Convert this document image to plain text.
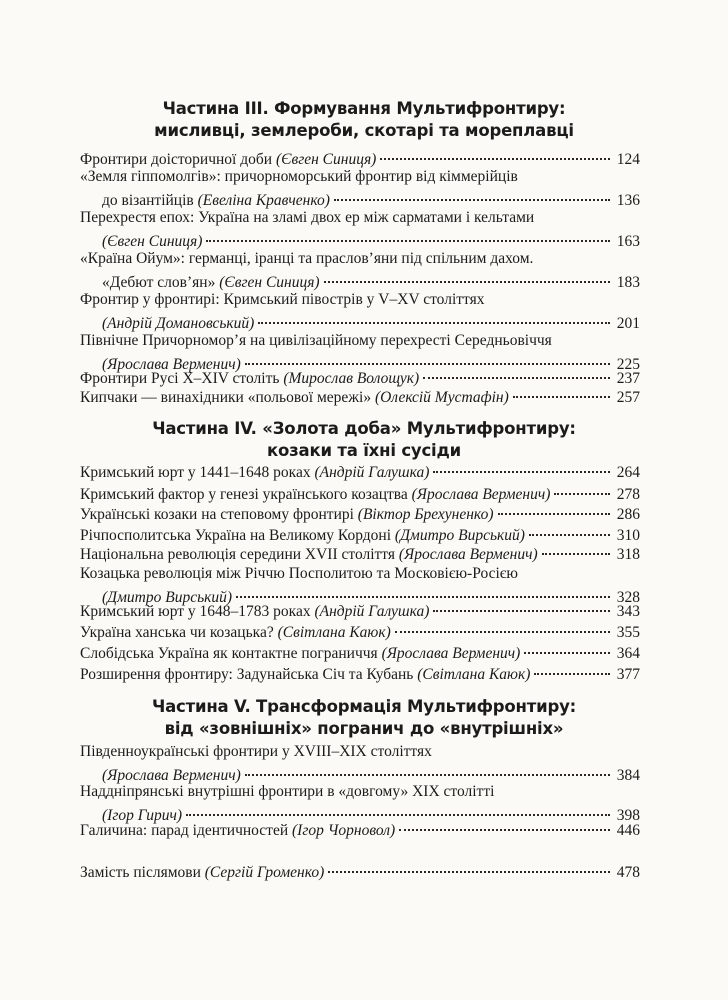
Частина III. Формування Мультифронтиру:
мисливці, землероби, скотарі та мореплавці
Фронтири доісторичної доби (Євген Синиця)	124
«Земля гіппомолгів»: причорноморський фронтир від кіммерійців
до візантійців (Евеліна Кравченко)	136
Перехрестя епох: Україна на зламі двох ер між сарматами і кельтами
(Євген Синиця)	163
«Країна Ойум»: германці, іранці та праслов’яни під спільним дахом.
«Дебют слов’ян» (Євген Синиця)	183
Фронтир у фронтирі: Кримський півострів у V–XV століттях
(Андрій Домановський)	201
Північне Причорномор’я на цивілізаційному перехресті Середньовіччя
(Ярослава Верменич)	225
Фронтири Русі X–XIV століть (Мирослав Волощук)	237
Кипчаки — винахідники «польової мережі» (Олексій Мустафін)	257
Частина IV. «Золота доба» Мультифронтиру:
козаки та їхні сусіди
Кримський юрт у 1441–1648 роках (Андрій Галушка)	264
Кримський фактор у генезі українського козацтва (Ярослава Верменич)	278
Українські козаки на степовому фронтирі (Віктор Брехуненко)	286
Річпосполитська Україна на Великому Кордоні (Дмитро Вирський)	310
Національна революція середини XVII століття (Ярослава Верменич)	318
Козацька революція між Річчю Посполитою та Московією-Росією
(Дмитро Вирський)	328
Кримський юрт у 1648–1783 роках (Андрій Галушка)	343
Україна ханська чи козацька? (Світлана Каюк)	355
Слобідська Україна як контактне пограниччя (Ярослава Верменич)	364
Розширення фронтиру: Задунайська Січ та Кубань (Світлана Каюк)	377
Частина V. Трансформація Мультифронтиру:
від «зовнішніх» погранич до «внутрішніх»
Південноукраїнські фронтири у XVIII–XIX століттях
(Ярослава Верменич)	384
Наддніпрянські внутрішні фронтири в «довгому» XIX столітті
(Ігор Гирич)	398
Галичина: парад ідентичностей (Ігор Чорновол)	446
Замість післямови (Сергій Громенко)	478
